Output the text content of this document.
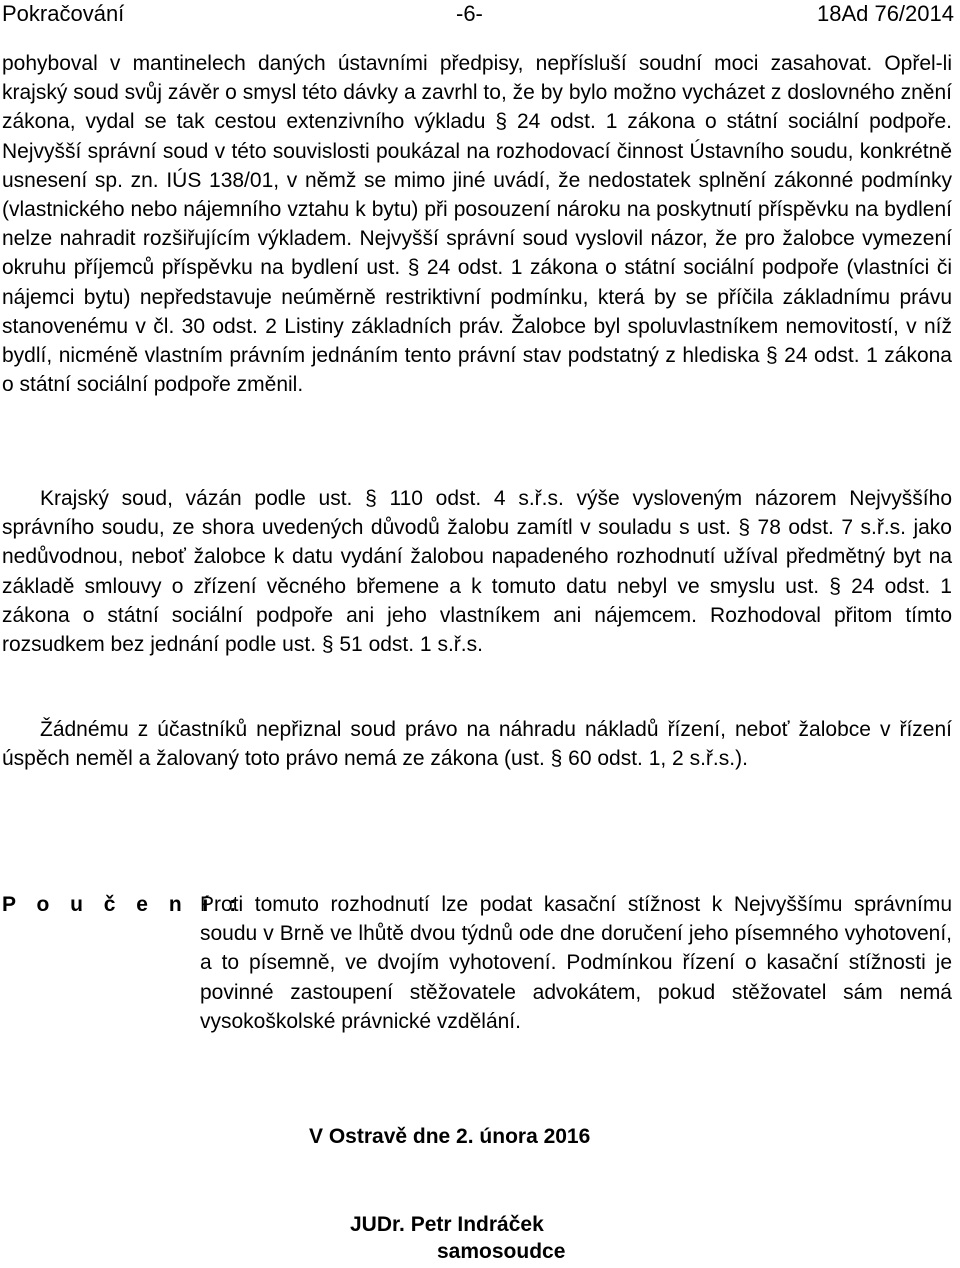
Pokračování	-6-	18Ad 76/2014
pohyboval v mantinelech daných ústavními předpisy, nepřísluší soudní moci zasahovat. Opřel-li krajský soud svůj závěr o smysl této dávky a zavrhl to, že by bylo možno vycházet z doslovného znění zákona, vydal se tak cestou extenzivního výkladu § 24 odst. 1 zákona o státní sociální podpoře. Nejvyšší správní soud v této souvislosti poukázal na rozhodovací činnost Ústavního soudu, konkrétně usnesení sp. zn. IÚS 138/01, v němž se mimo jiné uvádí, že nedostatek splnění zákonné podmínky (vlastnického nebo nájemního vztahu k bytu) při posouzení nároku na poskytnutí příspěvku na bydlení nelze nahradit rozšiřujícím výkladem. Nejvyšší správní soud vyslovil názor, že pro žalobce vymezení okruhu příjemců příspěvku na bydlení ust. § 24 odst. 1 zákona o státní sociální podpoře (vlastníci či nájemci bytu) nepředstavuje neúměrně restriktivní podmínku, která by se příčila základnímu právu stanovenému v čl. 30 odst. 2 Listiny základních práv. Žalobce byl spoluvlastníkem nemovitostí, v níž bydlí, nicméně vlastním právním jednáním tento právní stav podstatný z hlediska § 24 odst. 1 zákona o státní sociální podpoře změnil.
Krajský soud, vázán podle ust. § 110 odst. 4 s.ř.s. výše vysloveným názorem Nejvyššího správního soudu, ze shora uvedených důvodů žalobu zamítl v souladu s ust. § 78 odst. 7 s.ř.s. jako nedůvodnou, neboť žalobce k datu vydání žalobou napadeného rozhodnutí užíval předmětný byt na základě smlouvy o zřízení věcného břemene a k tomuto datu nebyl ve smyslu ust. § 24 odst. 1 zákona o státní sociální podpoře ani jeho vlastníkem ani nájemcem. Rozhodoval přitom tímto rozsudkem bez jednání podle ust. § 51 odst. 1 s.ř.s.
Žádnému z účastníků nepřiznal soud právo na náhradu nákladů řízení, neboť žalobce v řízení úspěch neměl a žalovaný toto právo nemá ze zákona (ust. § 60 odst. 1, 2 s.ř.s.).
P o u č e n í :
Proti tomuto rozhodnutí lze podat kasační stížnost k Nejvyššímu správnímu soudu v Brně ve lhůtě dvou týdnů ode dne doručení jeho písemného vyhotovení, a to písemně, ve dvojím vyhotovení. Podmínkou řízení o kasační stížnosti je povinné zastoupení stěžovatele advokátem, pokud stěžovatel sám nemá vysokoškolské právnické vzdělání.
V Ostravě dne 2. února 2016
JUDr. Petr Indráček
samosoudce
